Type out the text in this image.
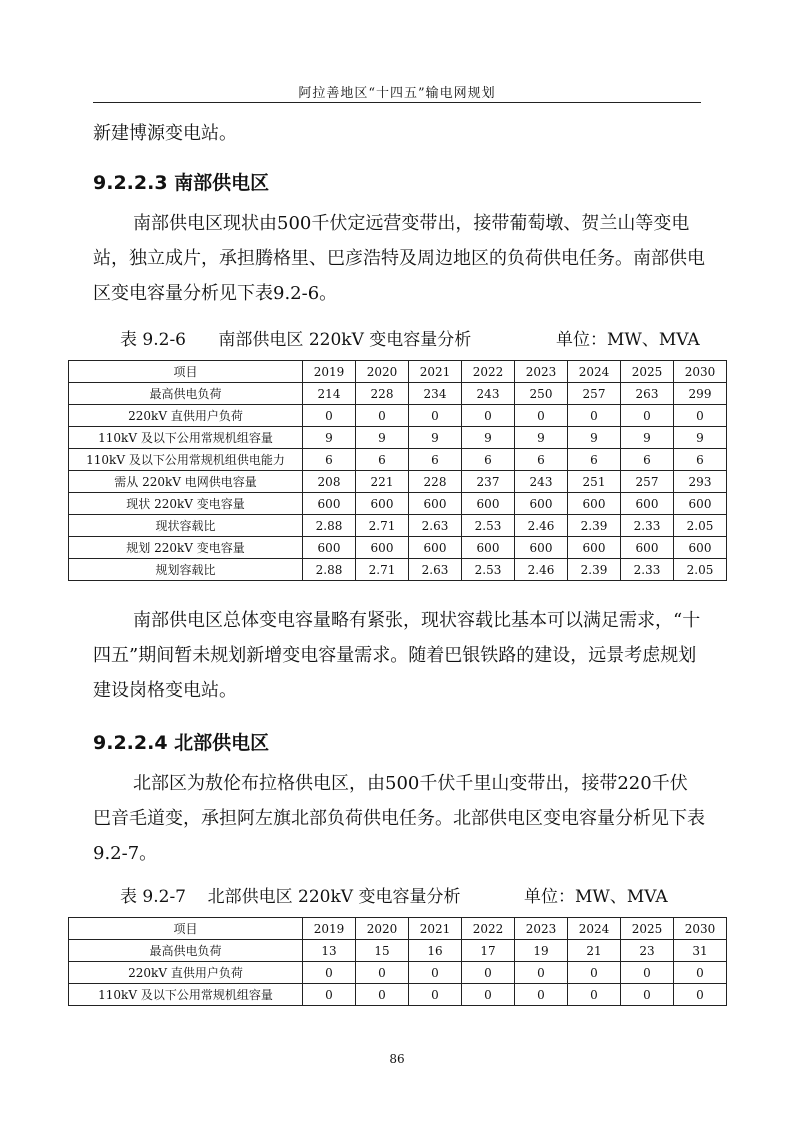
阿拉善地区“十四五”输电网规划

新建博源变电站。

9.2.2.3 南部供电区

南部供电区现状由500千伏定远营变带出，接带葡萄墩、贺兰山等变电站，独立成片，承担腾格里、巴彦浩特及周边地区的负荷供电任务。南部供电区变电容量分析见下表9.2-6。

表 9.2-6      南部供电区 220kV 变电容量分析	单位：MW、MVA
项目	2019	2020	2021	2022	2023	2024	2025	2030
最高供电负荷	214	228	234	243	250	257	263	299
220kV 直供用户负荷	0	0	0	0	0	0	0	0
110kV 及以下公用常规机组容量	9	9	9	9	9	9	9	9
110kV 及以下公用常规机组供电能力	6	6	6	6	6	6	6	6
需从 220kV 电网供电容量	208	221	228	237	243	251	257	293
现状 220kV 变电容量	600	600	600	600	600	600	600	600
现状容载比	2.88	2.71	2.63	2.53	2.46	2.39	2.33	2.05
规划 220kV 变电容量	600	600	600	600	600	600	600	600
规划容载比	2.88	2.71	2.63	2.53	2.46	2.39	2.33	2.05

南部供电区总体变电容量略有紧张，现状容载比基本可以满足需求，“十四五”期间暂未规划新增变电容量需求。随着巴银铁路的建设，远景考虑规划建设岗格变电站。

9.2.2.4 北部供电区

北部区为敖伦布拉格供电区，由500千伏千里山变带出，接带220千伏巴音毛道变，承担阿左旗北部负荷供电任务。北部供电区变电容量分析见下表9.2-7。

表 9.2-7    北部供电区 220kV 变电容量分析	单位：MW、MVA
项目	2019	2020	2021	2022	2023	2024	2025	2030
最高供电负荷	13	15	16	17	19	21	23	31
220kV 直供用户负荷	0	0	0	0	0	0	0	0
110kV 及以下公用常规机组容量	0	0	0	0	0	0	0	0
86
